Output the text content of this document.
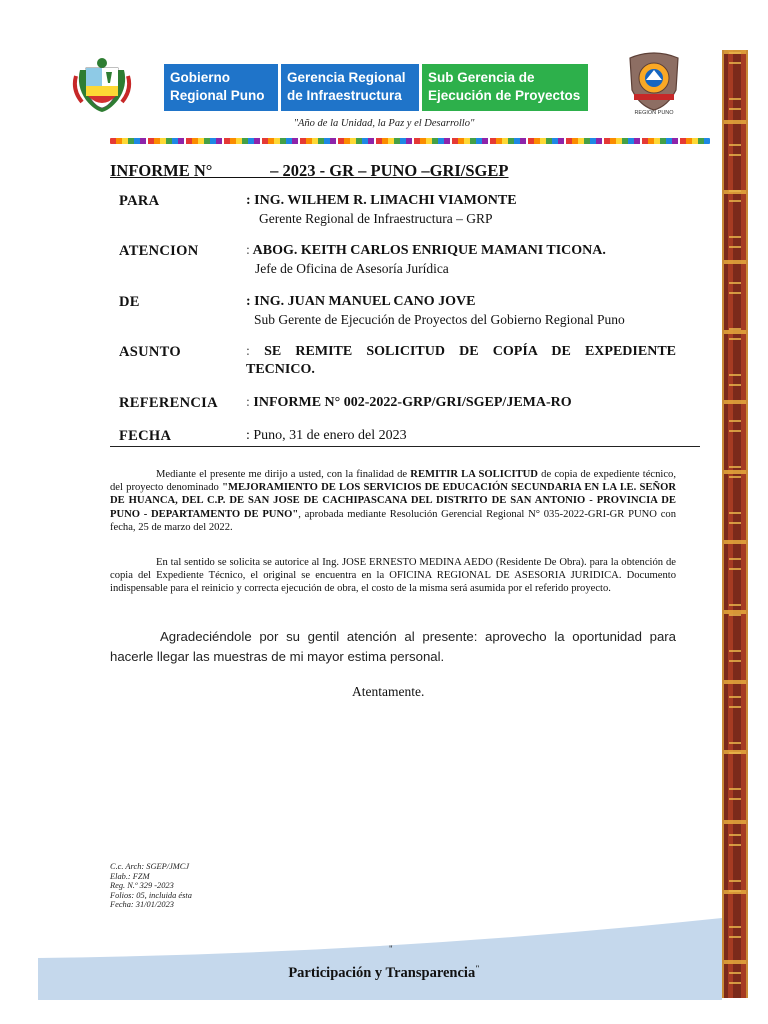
Gobierno
Regional Puno
Gerencia Regional
de Infraestructura
Sub Gerencia de
Ejecución de Proyectos
REGIÓN PUNO
"Año de la Unidad, la Paz y el Desarrollo"
INFORME N°              – 2023 - GR – PUNO –GRI/SGEP
PARA	: ING. WILHEM R. LIMACHI VIAMONTE
Gerente Regional de Infraestructura – GRP
ATENCION	: ABOG. KEITH CARLOS ENRIQUE MAMANI TICONA.
Jefe de Oficina de Asesoría Jurídica
DE	: ING. JUAN MANUEL CANO JOVE
Sub Gerente de Ejecución de Proyectos del Gobierno Regional Puno
ASUNTO	: SE REMITE SOLICITUD DE COPÍA DE EXPEDIENTE
TECNICO.
REFERENCIA : INFORME N° 002-2022-GRP/GRI/SGEP/JEMA-RO
FECHA	: Puno, 31 de enero del 2023
Mediante el presente me dirijo a usted, con la finalidad de REMITIR LA SOLICITUD de copia de expediente técnico, del proyecto denominado "MEJORAMIENTO DE LOS SERVICIOS DE EDUCACIÓN SECUNDARIA EN LA I.E. SEÑOR DE HUANCA, DEL C.P. DE SAN JOSE DE CACHIPASCANA DEL DISTRITO DE SAN ANTONIO - PROVINCIA DE PUNO - DEPARTAMENTO DE PUNO", aprobada mediante Resolución Gerencial Regional N° 035-2022-GRI-GR PUNO con fecha, 25 de marzo del 2022.
En tal sentido se solicita se autorice al Ing. JOSE ERNESTO MEDINA AEDO (Residente De Obra). para la obtención de copia del Expediente Técnico, el original se encuentra en la OFICINA REGIONAL DE ASESORIA JURIDICA. Documento indispensable para el reinicio y correcta ejecución de obra, el costo de la misma será asumida por el referido proyecto.
Agradeciéndole por su gentil atención al presente: aprovecho la oportunidad para hacerle llegar las muestras de mi mayor estima personal.
Atentamente.
C.c. Arch: SGEP/JMCJ
Elab.: FZM
Reg. N.º 329 -2023
Folios: 05, incluida ésta
Fecha: 31/01/2023
"
Participación y Transparencia"
